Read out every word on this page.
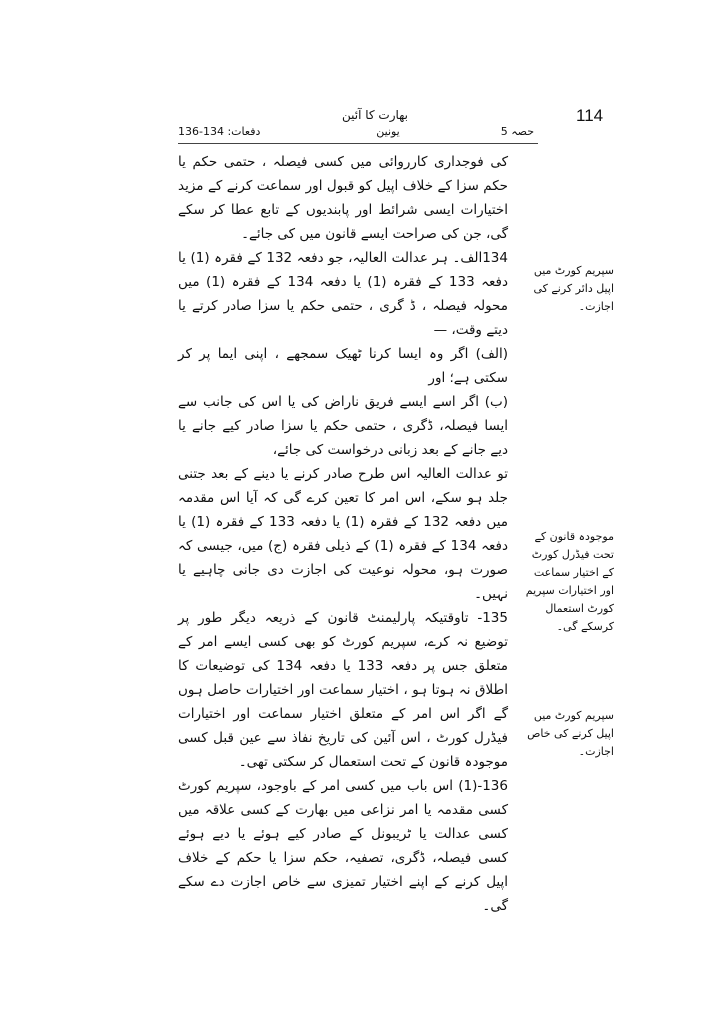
114
بھارت کا آئین
حصہ 5
یونین
دفعات: 134-136

کی فوجداری کارروائی میں کسی فیصلہ ، حتمی حکم یا حکم سزا کے خلاف اپیل کو قبول اور سماعت کرنے کے مزید اختیارات ایسی شرائط اور پابندیوں کے تابع عطا کر سکے گی، جن کی صراحت ایسے قانون میں کی جائے۔

134الف۔ ہر عدالت العالیہ، جو دفعہ 132 کے فقرہ (1) یا دفعہ 133 کے فقرہ (1) یا دفعہ 134 کے فقرہ (1) میں محولہ فیصلہ ، ڈ گری ، حتمی حکم یا سزا صادر کرتے یا دیتے وقت، —

(الف) اگر وہ ایسا کرنا ٹھیک سمجھے ، اپنی ایما پر کر سکتی ہے؛ اور

(ب) اگر اسے ایسے فریق ناراض کی یا اس کی جانب سے ایسا فیصلہ، ڈگری ، حتمی حکم یا سزا صادر کیے جانے یا دیے جانے کے بعد زبانی درخواست کی جائے،

تو عدالت العالیہ اس طرح صادر کرنے یا دینے کے بعد جتنی جلد ہو سکے، اس امر کا تعین کرے گی کہ آیا اس مقدمہ میں دفعہ 132 کے فقرہ (1) یا دفعہ 133 کے فقرہ (1) یا دفعہ 134 کے فقرہ (1) کے ذیلی فقرہ (ج) میں، جیسی کہ صورت ہو، محولہ نوعیت کی اجازت دی جانی چاہیے یا نہیں۔

135- تاوقتیکہ پارلیمنٹ قانون کے ذریعہ دیگر طور پر توضیع نہ کرے، سپریم کورٹ کو بھی کسی ایسے امر کے متعلق جس پر دفعہ 133 یا دفعہ 134 کی توضیعات کا اطلاق نہ ہوتا ہو ، اختیار سماعت اور اختیارات حاصل ہوں گے اگر اس امر کے متعلق اختیار سماعت اور اختیارات فیڈرل کورٹ ، اس آئین کی تاریخ نفاذ سے عین قبل کسی موجودہ قانون کے تحت استعمال کر سکتی تھی۔

136-(1) اس باب میں کسی امر کے باوجود، سپریم کورٹ کسی مقدمہ یا امر نزاعی میں بھارت کے کسی علاقہ میں کسی عدالت یا ٹریبونل کے صادر کیے ہوئے یا دیے ہوئے کسی فیصلہ، ڈگری، تصفیہ، حکم سزا یا حکم کے خلاف اپیل کرنے کے اپنے اختیار تمیزی سے خاص اجازت دے سکے گی۔

سپریم کورٹ میں اپیل دائر کرنے کی اجازت۔
موجودہ قانون کے تحت فیڈرل کورٹ کے اختیار سماعت اور اختیارات سپریم کورٹ استعمال کرسکے گی۔
سپریم کورٹ میں اپیل کرنے کی خاص اجازت۔
